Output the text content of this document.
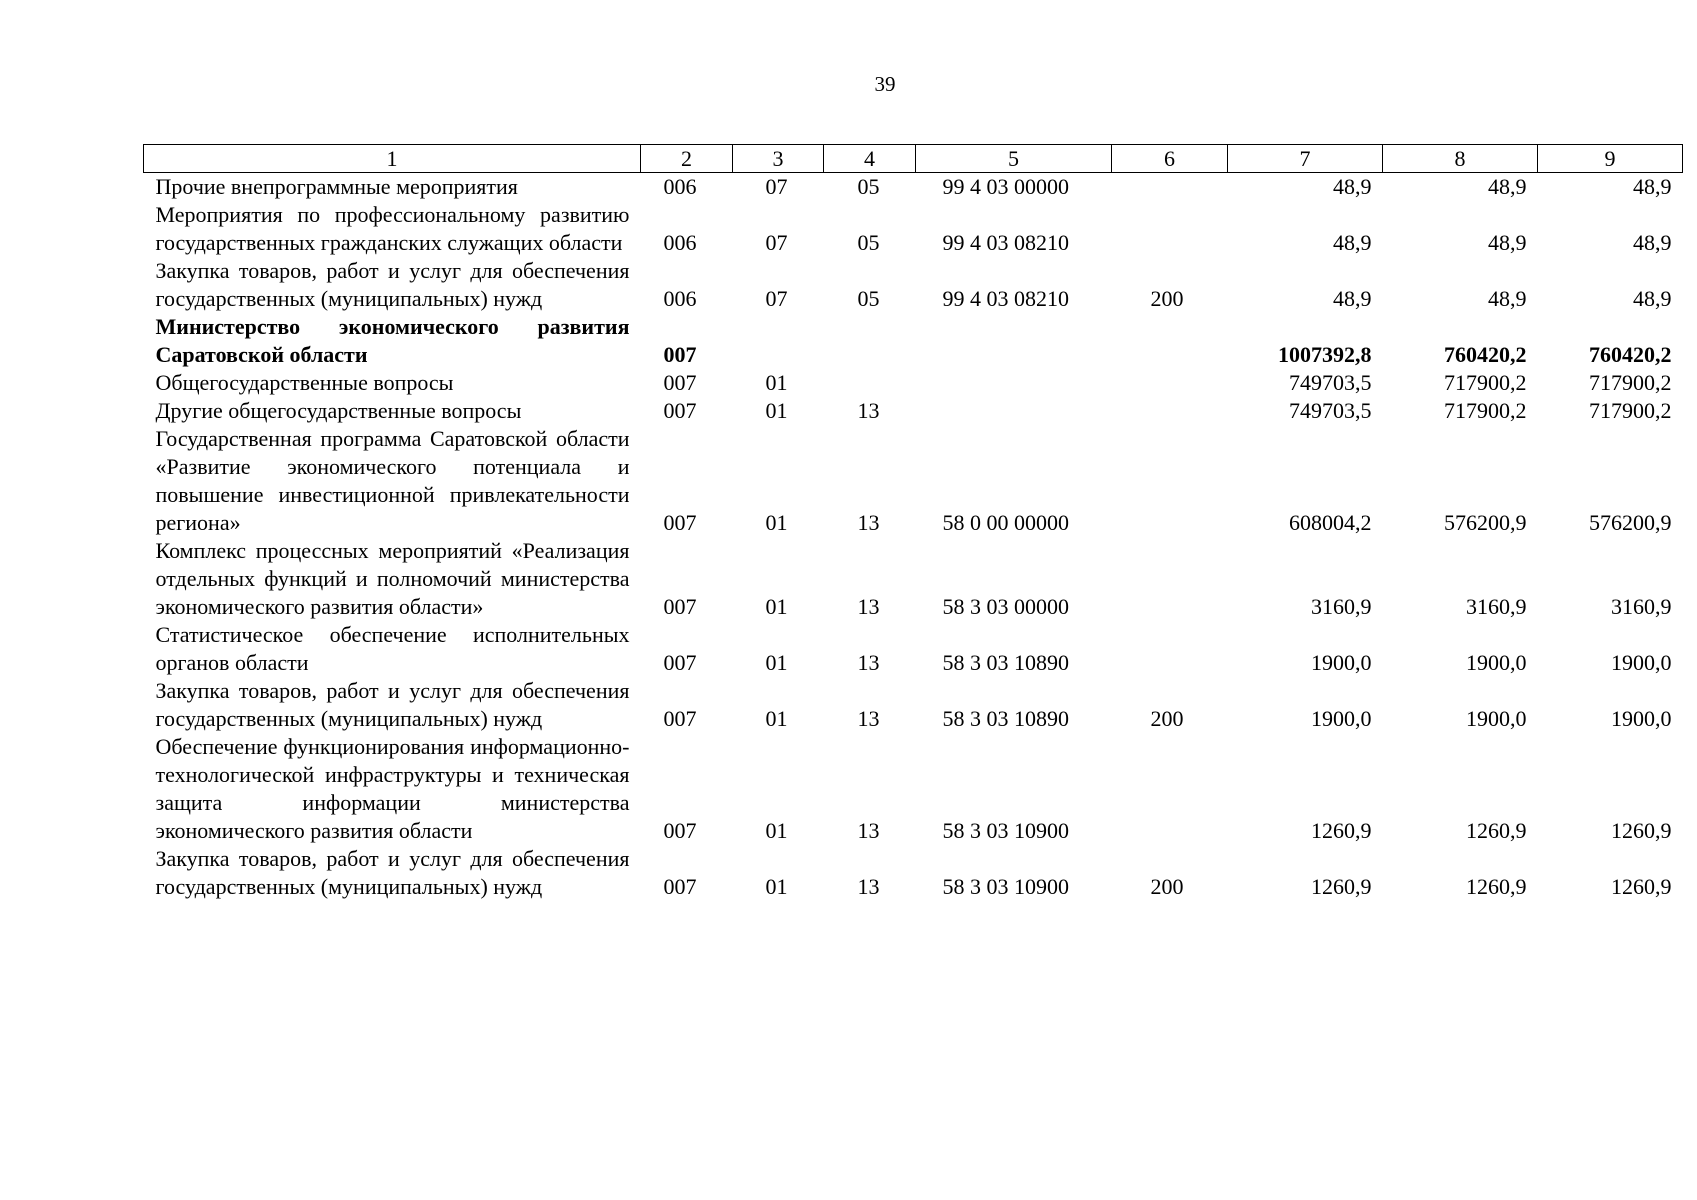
39
1	2	3	4	5	6	7	8	9
Прочие внепрограммные мероприятия	006	07	05	99 4 03 00000		48,9	48,9	48,9
Мероприятия по профессиональному развитию государственных гражданских служащих области	006	07	05	99 4 03 08210		48,9	48,9	48,9
Закупка товаров, работ и услуг для обеспечения государственных (муниципальных) нужд	006	07	05	99 4 03 08210	200	48,9	48,9	48,9
Министерство экономического развития Саратовской области	007					1007392,8	760420,2	760420,2
Общегосударственные вопросы	007	01				749703,5	717900,2	717900,2
Другие общегосударственные вопросы	007	01	13			749703,5	717900,2	717900,2
Государственная программа Саратовской области «Развитие экономического потенциала и повышение инвестиционной привлекательности региона»	007	01	13	58 0 00 00000		608004,2	576200,9	576200,9
Комплекс процессных мероприятий «Реализация отдельных функций и полномочий министерства экономического развития области»	007	01	13	58 3 03 00000		3160,9	3160,9	3160,9
Статистическое обеспечение исполнительных органов области	007	01	13	58 3 03 10890		1900,0	1900,0	1900,0
Закупка товаров, работ и услуг для обеспечения государственных (муниципальных) нужд	007	01	13	58 3 03 10890	200	1900,0	1900,0	1900,0
Обеспечение функционирования информационно-технологической инфраструктуры и техническая защита информации министерства экономического развития области	007	01	13	58 3 03 10900		1260,9	1260,9	1260,9
Закупка товаров, работ и услуг для обеспечения государственных (муниципальных) нужд	007	01	13	58 3 03 10900	200	1260,9	1260,9	1260,9
